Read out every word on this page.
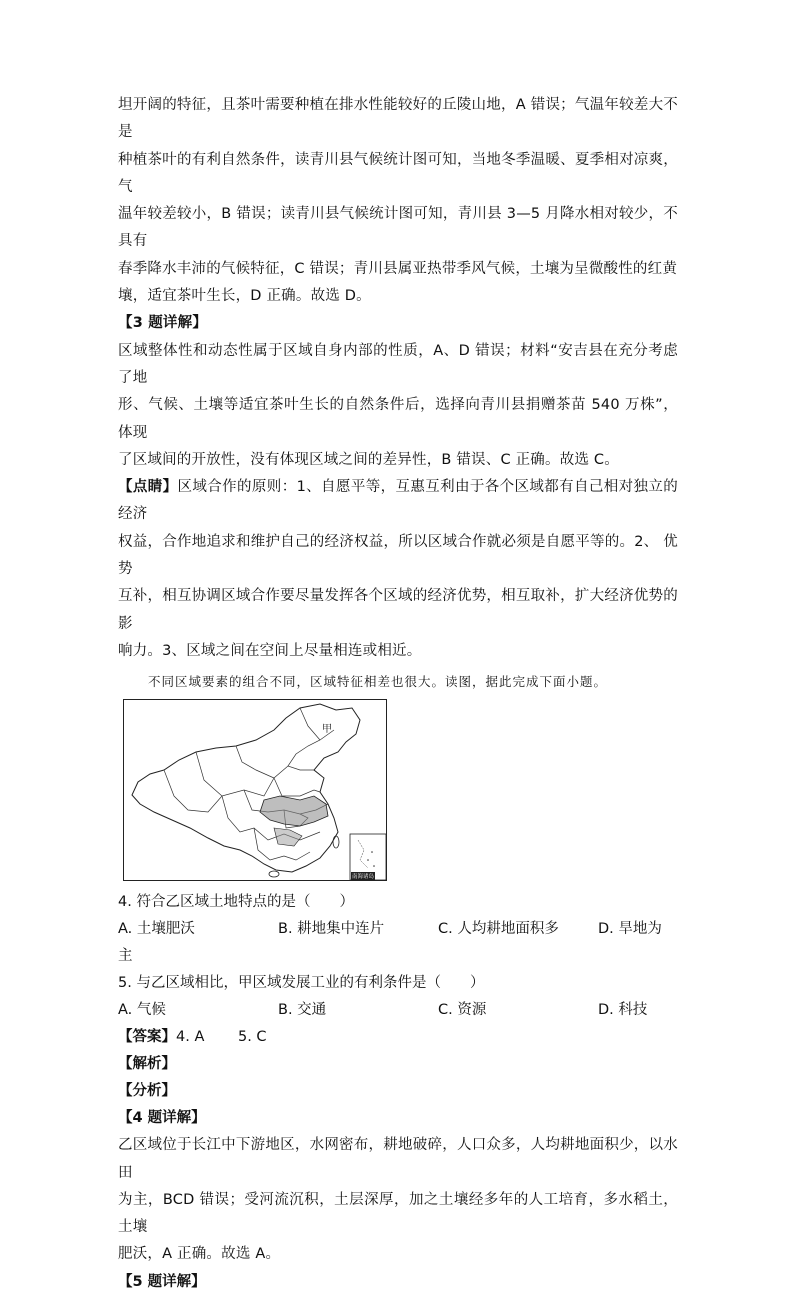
坦开阔的特征，且茶叶需要种植在排水性能较好的丘陵山地，A 错误；气温年较差大不是
种植茶叶的有利自然条件，读青川县气候统计图可知，当地冬季温暖、夏季相对凉爽，气
温年较差较小，B 错误；读青川县气候统计图可知，青川县 3—5 月降水相对较少，不具有
春季降水丰沛的气候特征，C 错误；青川县属亚热带季风气候，土壤为呈微酸性的红黄
壤，适宜茶叶生长，D 正确。故选 D。

【3 题详解】

区域整体性和动态性属于区域自身内部的性质，A、D 错误；材料“安吉县在充分考虑了地
形、气候、土壤等适宜茶叶生长的自然条件后，选择向青川县捐赠茶苗 540 万株”， 体现
了区域间的开放性，没有体现区域之间的差异性，B 错误、C 正确。故选 C。

【点睛】区域合作的原则：1、自愿平等，互惠互利由于各个区域都有自己相对独立的经济
权益，合作地追求和维护自己的经济权益，所以区域合作就必须是自愿平等的。2、 优势
互补，相互协调区域合作要尽量发挥各个区域的经济优势，相互取补，扩大经济优势的影
响力。3、区域之间在空间上尽量相连或相近。

不同区域要素的组合不同，区域特征相差也很大。读图，据此完成下面小题。

甲
南海诸岛

4. 符合乙区域土地特点的是（　　）

A. 土壤肥沃	B. 耕地集中连片	C. 人均耕地面积多	D. 旱地为

主

5. 与乙区域相比，甲区域发展工业的有利条件是（　　）

A. 气候	B. 交通	C. 资源	D. 科技

【答案】4. A　　 5. C

【解析】

【分析】

【4 题详解】

乙区域位于长江中下游地区，水网密布，耕地破碎，人口众多，人均耕地面积少，以水田
为主，BCD 错误；受河流沉积，土层深厚，加之土壤经多年的人工培育，多水稻土，土壤
肥沃，A 正确。故选 A。

【5 题详解】
